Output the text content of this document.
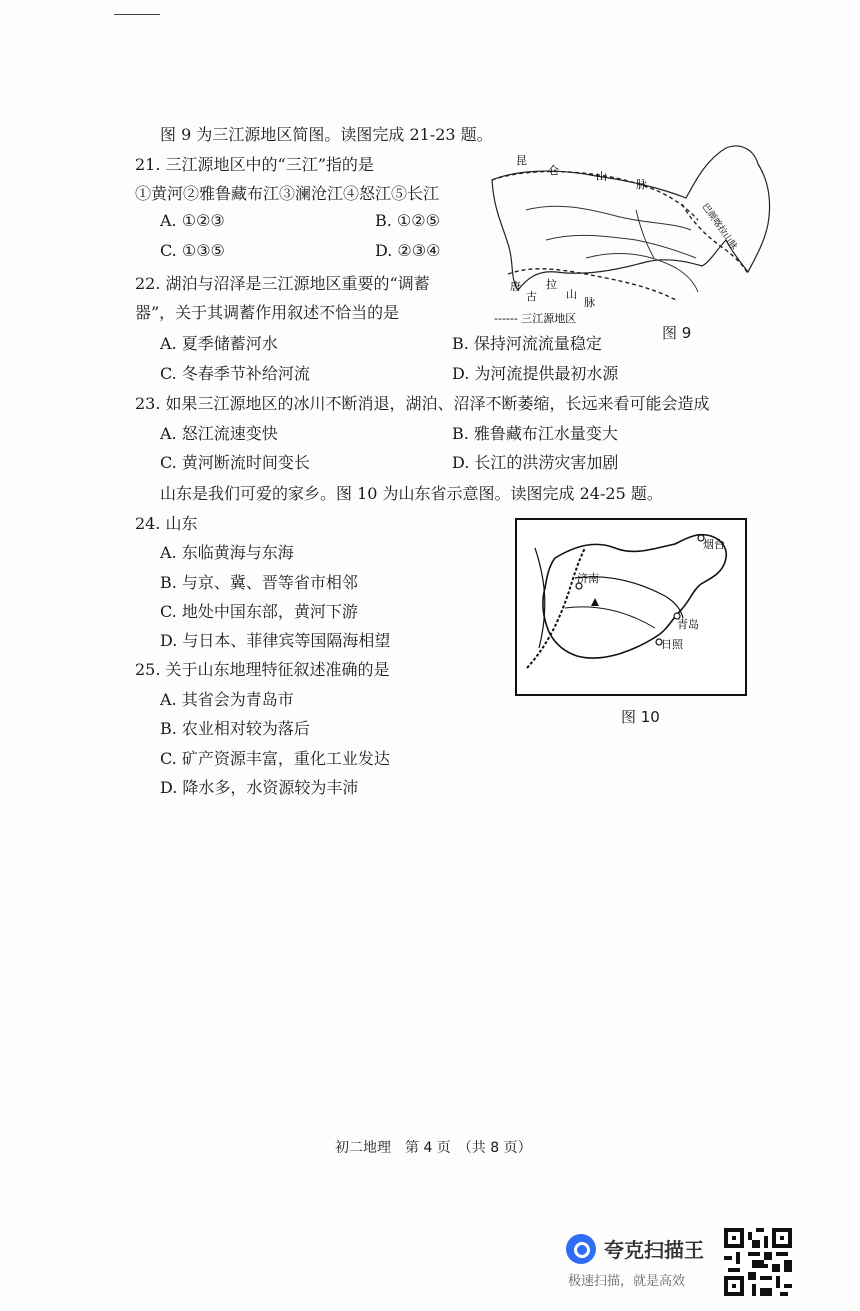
图 9 为三江源地区简图。读图完成 21-23 题。
21. 三江源地区中的“三江”指的是
①黄河②雅鲁藏布江③澜沧江④怒江⑤长江
A. ①②③	B. ①②⑤
C. ①③⑤	D. ②③④
22. 湖泊与沼泽是三江源地区重要的“调蓄
器”，关于其调蓄作用叙述不恰当的是
A. 夏季储蓄河水	B. 保持河流流量稳定
C. 冬春季节补给河流	D. 为河流提供最初水源
23. 如果三江源地区的冰川不断消退，湖泊、沼泽不断萎缩，长远来看可能会造成
A. 怒江流速变快	B. 雅鲁藏布江水量变大
C. 黄河断流时间变长	D. 长江的洪涝灾害加剧
山东是我们可爱的家乡。图 10 为山东省示意图。读图完成 24-25 题。
24. 山东
A. 东临黄海与东海
B. 与京、冀、晋等省市相邻
C. 地处中国东部，黄河下游
D. 与日本、菲律宾等国隔海相望
25. 关于山东地理特征叙述准确的是
A. 其省会为青岛市
B. 农业相对较为落后
C. 矿产资源丰富，重化工业发达
D. 降水多，水资源较为丰沛
昆
仑	山
脉
唐
古
拉
山
脉
巴颜喀拉山脉
------ 三江源地区
图 9
烟台
济南
青岛
日照
图 10
初二地理　第 4 页　（共 8 页）
夸克扫描王
极速扫描，就是高效
